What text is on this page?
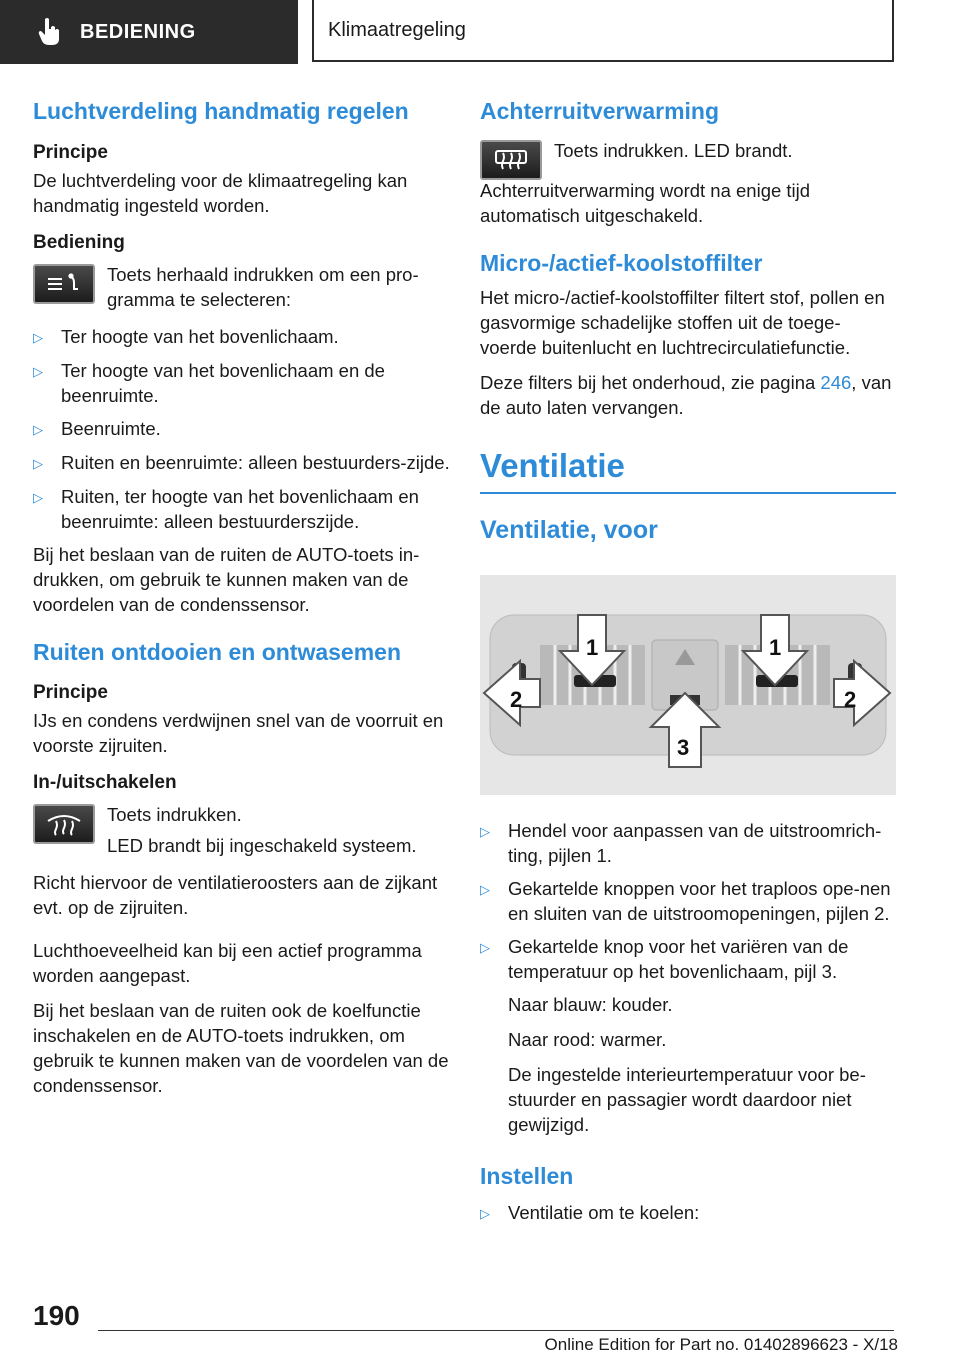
BEDIENING	Klimaatregeling
Luchtverdeling handmatig regelen
Principe

De luchtverdeling voor de klimaatregeling kan handmatig ingesteld worden.

Bediening

Toets herhaald indrukken om een pro-gramma te selecteren:

▷ Ter hoogte van het bovenlichaam.
▷ Ter hoogte van het bovenlichaam en de beenruimte.
▷ Beenruimte.
▷ Ruiten en beenruimte: alleen bestuurders-zijde.
▷ Ruiten, ter hoogte van het bovenlichaam en beenruimte: alleen bestuurderszijde.

Bij het beslaan van de ruiten de AUTO-toets in-drukken, om gebruik te kunnen maken van de voordelen van de condenssensor.

Ruiten ontdooien en ontwasemen
Principe

IJs en condens verdwijnen snel van de voorruit en voorste zijruiten.

In-/uitschakelen

Toets indrukken.

LED brandt bij ingeschakeld systeem.

Richt hiervoor de ventilatieroosters aan de zijkant evt. op de zijruiten.

Luchthoeveelheid kan bij een actief programma worden aangepast.

Bij het beslaan van de ruiten ook de koelfunctie inschakelen en de AUTO-toets indrukken, om gebruik te kunnen maken van de voordelen van de condenssensor.

Achterruitverwarming

Toets indrukken. LED brandt.

Achterruitverwarming wordt na enige tijd automatisch uitgeschakeld.

Micro-/actief-koolstoffilter

Het micro-/actief-koolstoffilter filtert stof, pollen en gasvormige schadelijke stoffen uit de toege-voerde buitenlucht en luchtrecirculatiefunctie.

Deze filters bij het onderhoud, zie pagina 246, van de auto laten vervangen.

Ventilatie
Ventilatie, voor
1	1
2	2
3
▷ Hendel voor aanpassen van de uitstroomrich-ting, pijlen 1.
▷ Gekartelde knoppen voor het traploos ope-nen en sluiten van de uitstroomopeningen, pijlen 2.
▷ Gekartelde knop voor het variëren van de temperatuur op het bovenlichaam, pijl 3.

Naar blauw: kouder.

Naar rood: warmer.

De ingestelde interieurtemperatuur voor be-stuurder en passagier wordt daardoor niet gewijzigd.

Instellen
▷ Ventilatie om te koelen:
190
Online Edition for Part no. 01402896623 - X/18
